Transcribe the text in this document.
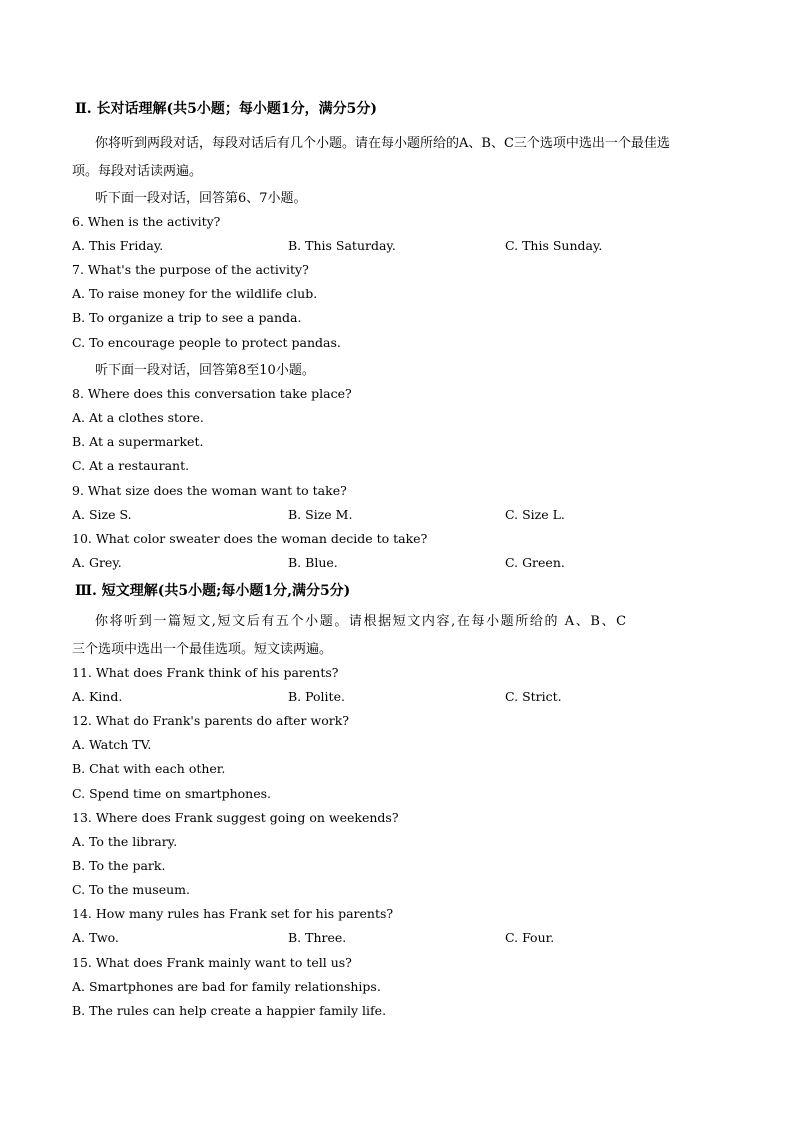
Ⅱ. 长对话理解(共5小题；每小题1分，满分5分)
你将听到两段对话，每段对话后有几个小题。请在每小题所给的A、B、C三个选项中选出一个最佳选
项。每段对话读两遍。
听下面一段对话，回答第6、7小题。
6. When is the activity?
A. This Friday.	B. This Saturday.	C. This Sunday.
7. What's the purpose of the activity?
A. To raise money for the wildlife club.
B. To organize a trip to see a panda.
C. To encourage people to protect pandas.
听下面一段对话，回答第8至10小题。
8. Where does this conversation take place?
A. At a clothes store.
B. At a supermarket.
C. At a restaurant.
9. What size does the woman want to take?
A. Size S.	B. Size M.	C. Size L.
10. What color sweater does the woman decide to take?
A. Grey.	B. Blue.	C. Green.
Ⅲ. 短文理解(共5小题;每小题1分,满分5分)
你将听到一篇短文,短文后有五个小题。请根据短文内容,在每小题所给的 A、B、C
三个选项中选出一个最佳选项。短文读两遍。
11. What does Frank think of his parents?
A. Kind.	B. Polite.	C. Strict.
12. What do Frank's parents do after work?
A. Watch TV.
B. Chat with each other.
C. Spend time on smartphones.
13. Where does Frank suggest going on weekends?
A. To the library.
B. To the park.
C. To the museum.
14. How many rules has Frank set for his parents?
A. Two.	B. Three.	C. Four.
15. What does Frank mainly want to tell us?
A. Smartphones are bad for family relationships.
B. The rules can help create a happier family life.
